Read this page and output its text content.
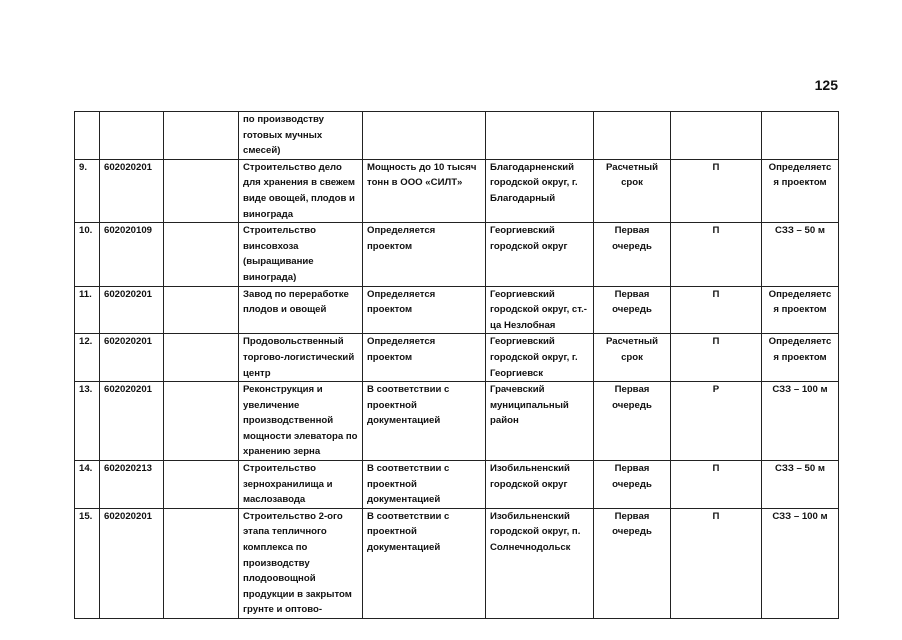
125
			по производству готовых мучных смесей)					
9.	602020201		Строительство дело для хранения в свежем виде овощей, плодов и винограда	Мощность до 10 тысяч тонн в ООО «СИЛТ»	Благодарненский городской округ, г. Благодарный	Расчетный срок	П	Определяется проектом
10.	602020109		Строительство винсовхоза (выращивание винограда)	Определяется проектом	Георгиевский городской округ	Первая очередь	П	СЗЗ – 50 м
11.	602020201		Завод по переработке плодов и овощей	Определяется проектом	Георгиевский городской округ, ст.-ца Незлобная	Первая очередь	П	Определяется проектом
12.	602020201		Продовольственный торгово-логистический центр	Определяется проектом	Георгиевский городской округ, г. Георгиевск	Расчетный срок	П	Определяется проектом
13.	602020201		Реконструкция и увеличение производственной мощности элеватора по хранению зерна	В соответствии с проектной документацией	Грачевский муниципальный район	Первая очередь	Р	СЗЗ – 100 м
14.	602020213		Строительство зернохранилища и маслозавода	В соответствии с проектной документацией	Изобильненский городской округ	Первая очередь	П	СЗЗ – 50 м
15.	602020201		Строительство 2-ого этапа тепличного комплекса по производству плодоовощной продукции в закрытом грунте и оптово-	В соответствии с проектной документацией	Изобильненский городской округ, п. Солнечнодольск	Первая очередь	П	СЗЗ – 100 м
